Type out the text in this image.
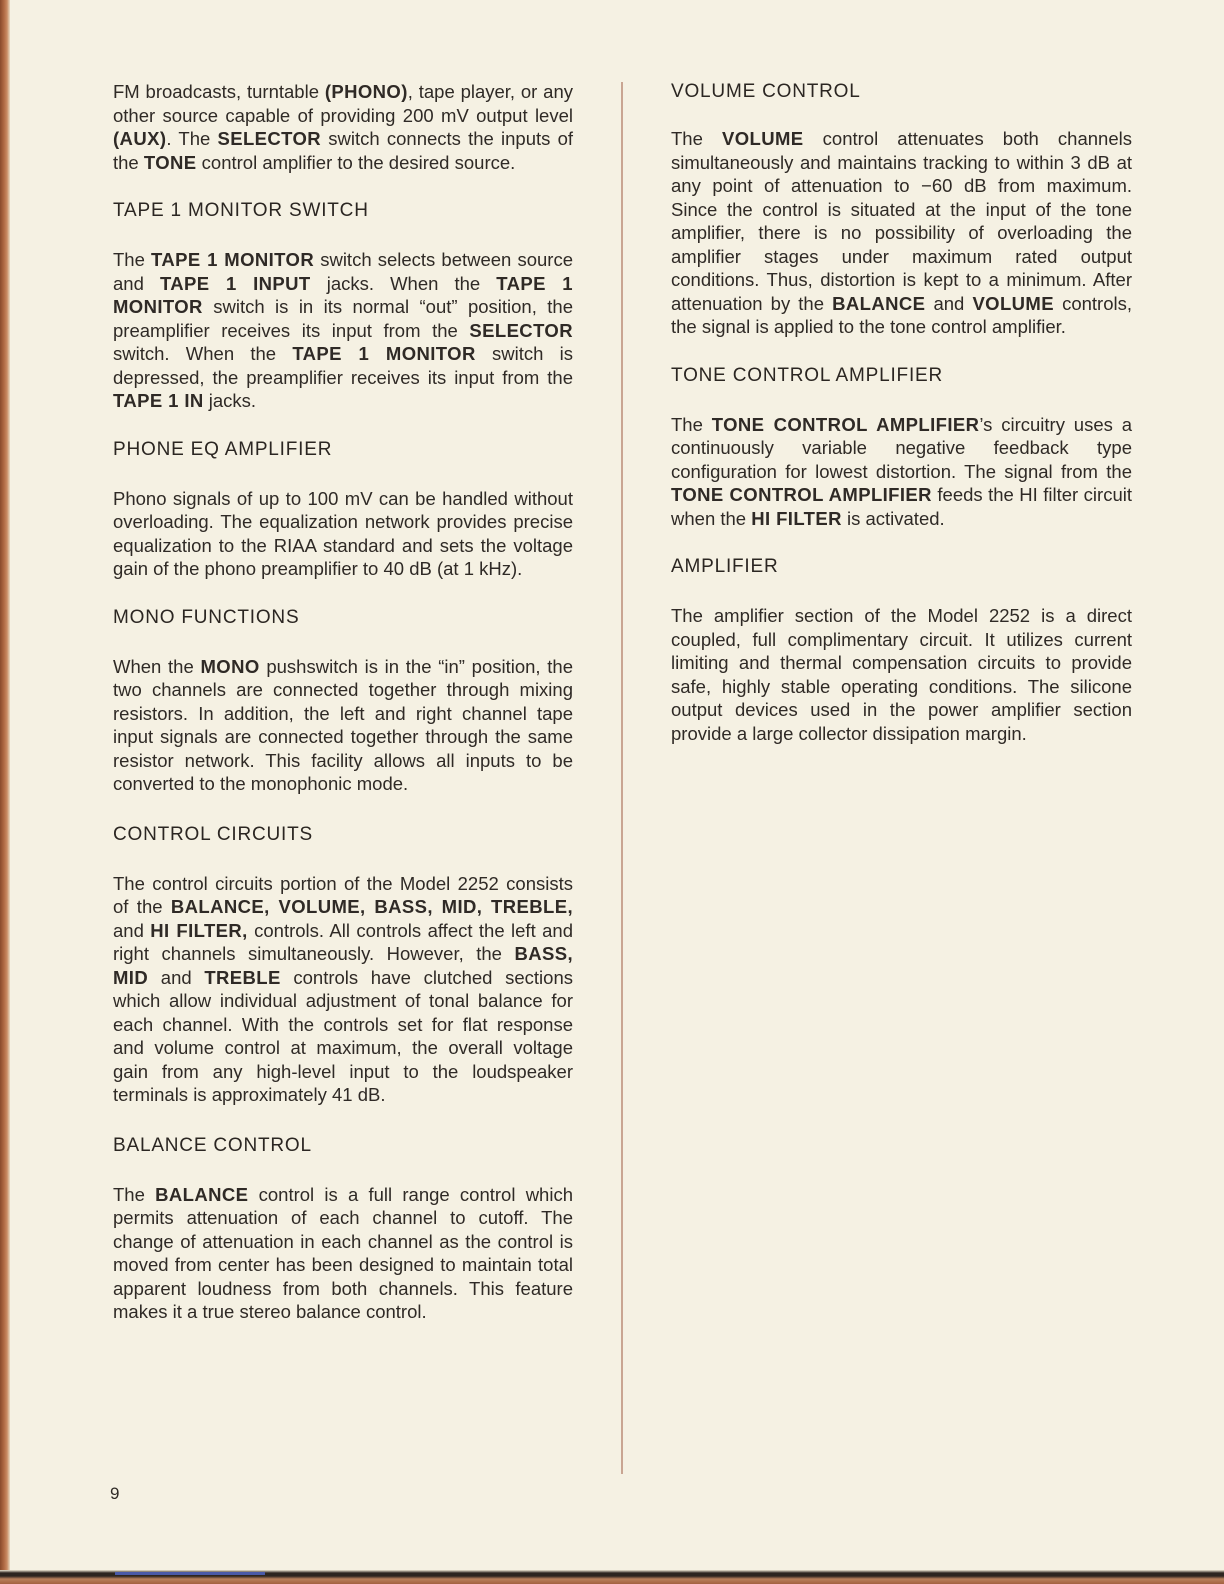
FM broadcasts, turntable (PHONO), tape player, or any other source capable of providing 200 mV output level (AUX). The SELECTOR switch connects the inputs of the TONE control amplifier to the desired source.

TAPE 1 MONITOR SWITCH

The TAPE 1 MONITOR switch selects between source and TAPE 1 INPUT jacks. When the TAPE 1 MONITOR switch is in its normal “out” position, the preamplifier receives its input from the SELECTOR switch. When the TAPE 1 MONITOR switch is depressed, the preamplifier receives its input from the TAPE 1 IN jacks.

PHONE EQ AMPLIFIER

Phono signals of up to 100 mV can be handled without overloading. The equalization network provides precise equalization to the RIAA standard and sets the voltage gain of the phono preamplifier to 40 dB (at 1 kHz).

MONO FUNCTIONS

When the MONO pushswitch is in the “in” position, the two channels are connected together through mixing resistors. In addition, the left and right channel tape input signals are connected together through the same resistor network. This facility allows all inputs to be converted to the monophonic mode.

CONTROL CIRCUITS

The control circuits portion of the Model 2252 consists of the BALANCE, VOLUME, BASS, MID, TREBLE, and HI FILTER, controls. All controls affect the left and right channels simultaneously. However, the BASS, MID and TREBLE controls have clutched sections which allow individual adjustment of tonal balance for each channel. With the controls set for flat response and volume control at maximum, the overall voltage gain from any high-level input to the loudspeaker terminals is approximately 41 dB.

BALANCE CONTROL

The BALANCE control is a full range control which permits attenuation of each channel to cutoff. The change of attenuation in each channel as the control is moved from center has been designed to maintain total apparent loudness from both channels. This feature makes it a true stereo balance control.

VOLUME CONTROL

The VOLUME control attenuates both channels simultaneously and maintains tracking to within 3 dB at any point of attenuation to −60 dB from maximum. Since the control is situated at the input of the tone amplifier, there is no possibility of overloading the amplifier stages under maximum rated output conditions. Thus, distortion is kept to a minimum. After attenuation by the BALANCE and VOLUME controls, the signal is applied to the tone control amplifier.

TONE CONTROL AMPLIFIER

The TONE CONTROL AMPLIFIER’s circuitry uses a continuously variable negative feedback type configuration for lowest distortion. The signal from the TONE CONTROL AMPLIFIER feeds the HI filter circuit when the HI FILTER is activated.

AMPLIFIER

The amplifier section of the Model 2252 is a direct coupled, full complimentary circuit. It utilizes current limiting and thermal compensation circuits to provide safe, highly stable operating conditions. The silicone output devices used in the power amplifier section provide a large collector dissipation margin.

9
